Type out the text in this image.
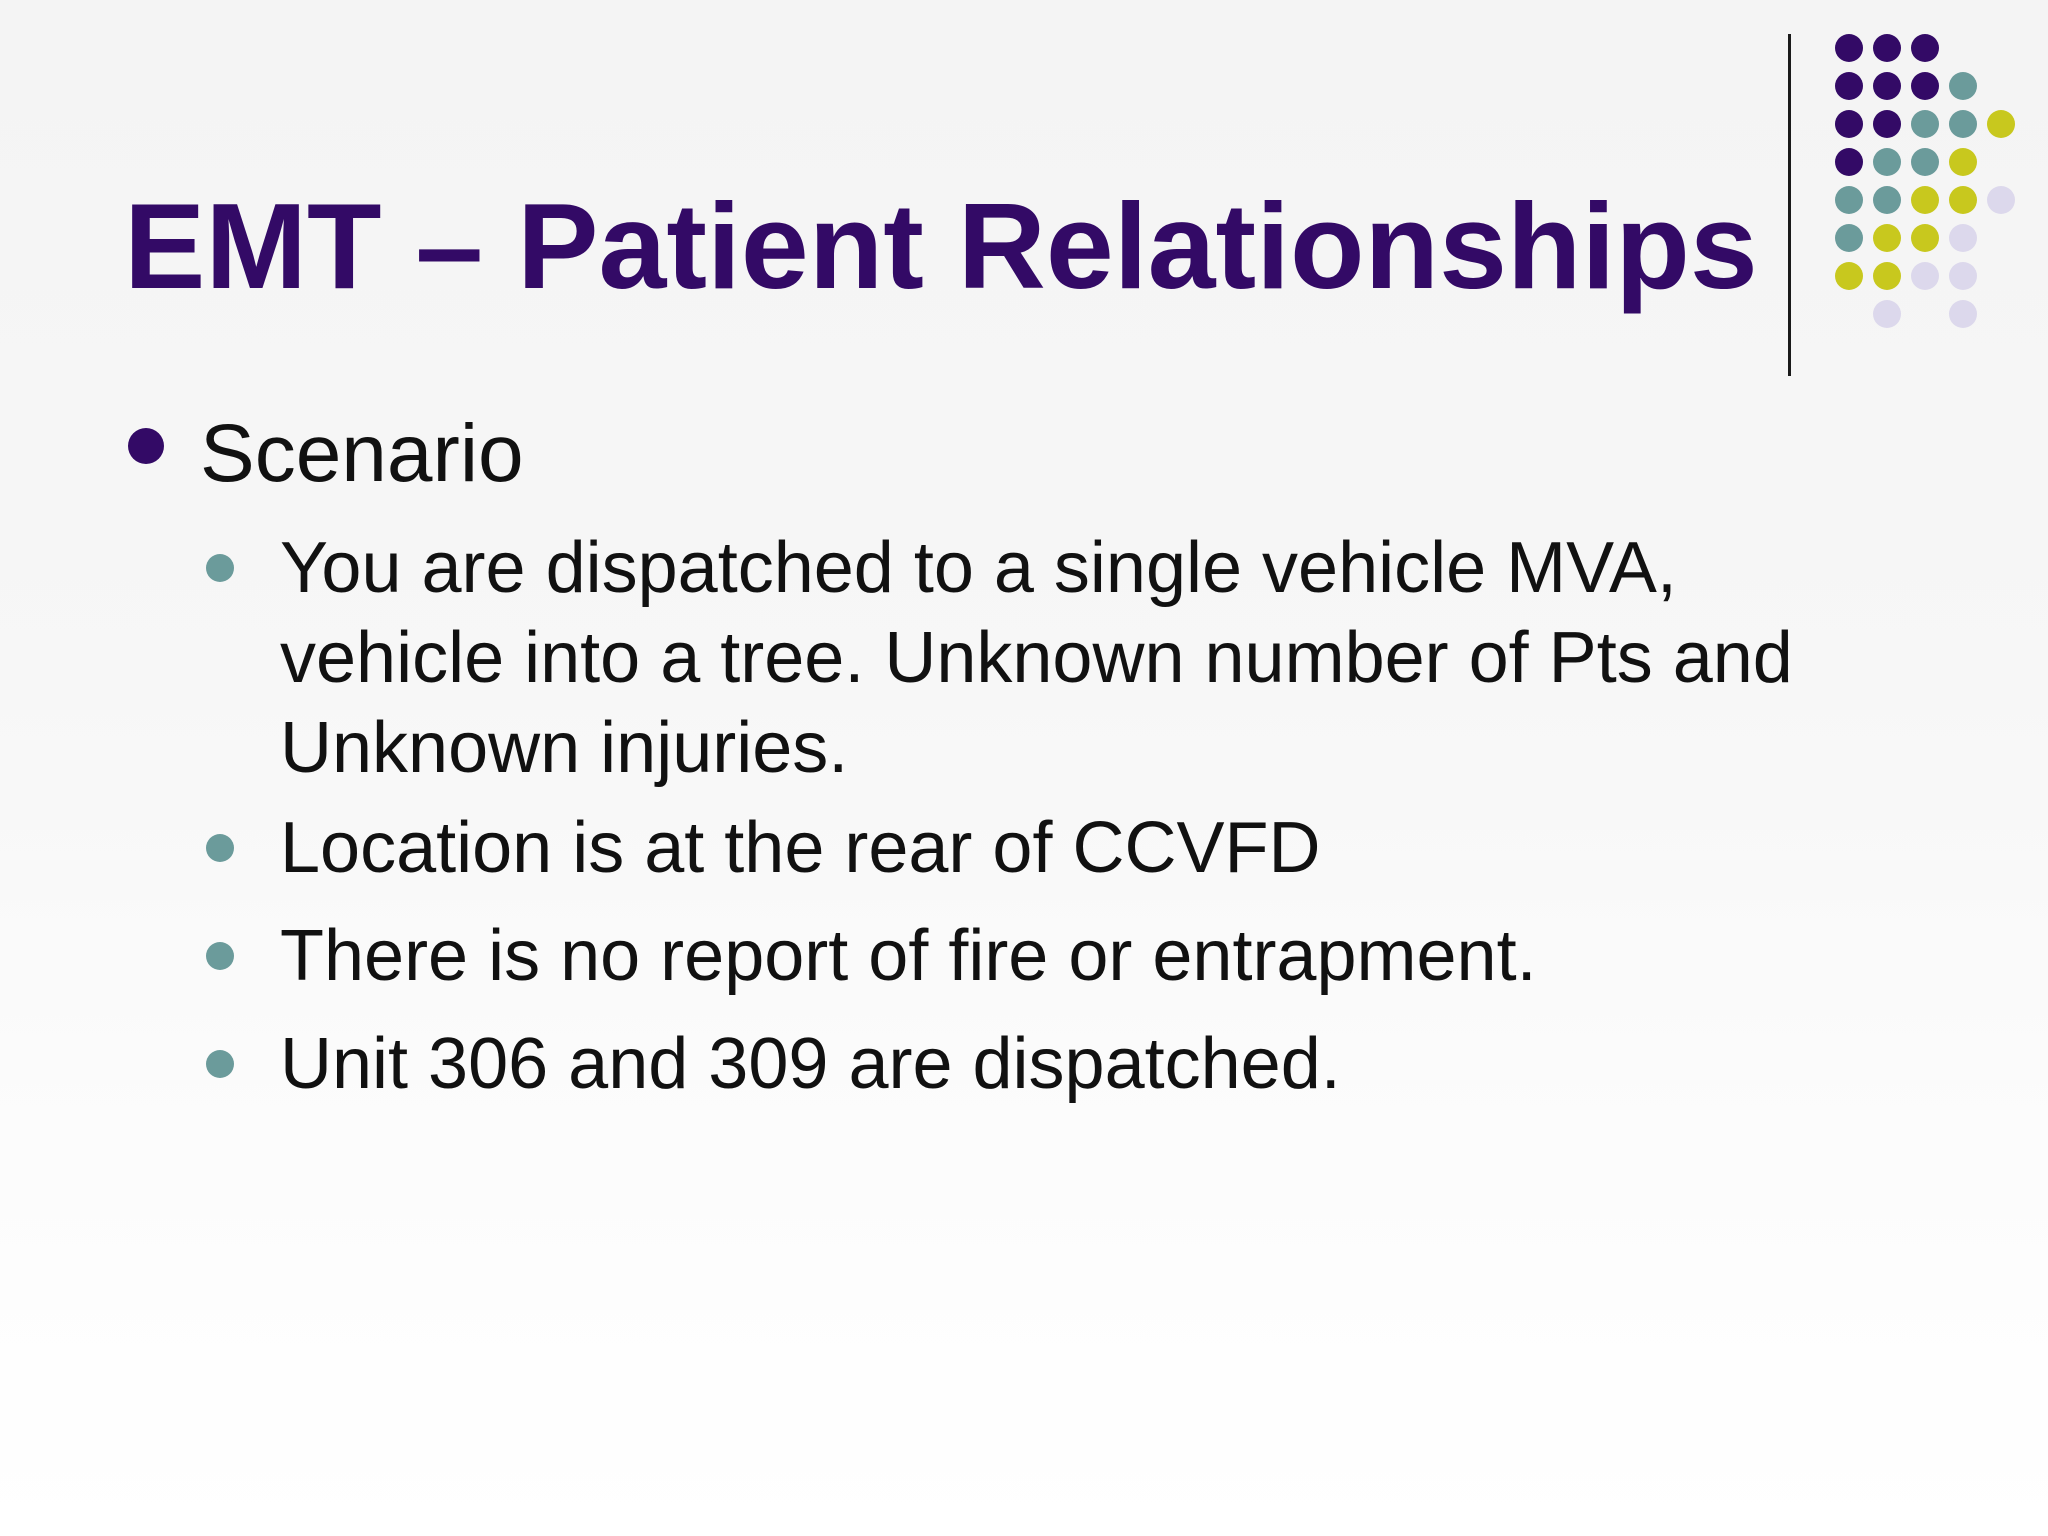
EMT – Patient Relationships
Scenario
You are dispatched to a single vehicle MVA, vehicle into a tree. Unknown number of Pts and Unknown injuries.
Location is at the rear of CCVFD
There is no report of fire or entrapment.
Unit 306 and 309 are dispatched.
